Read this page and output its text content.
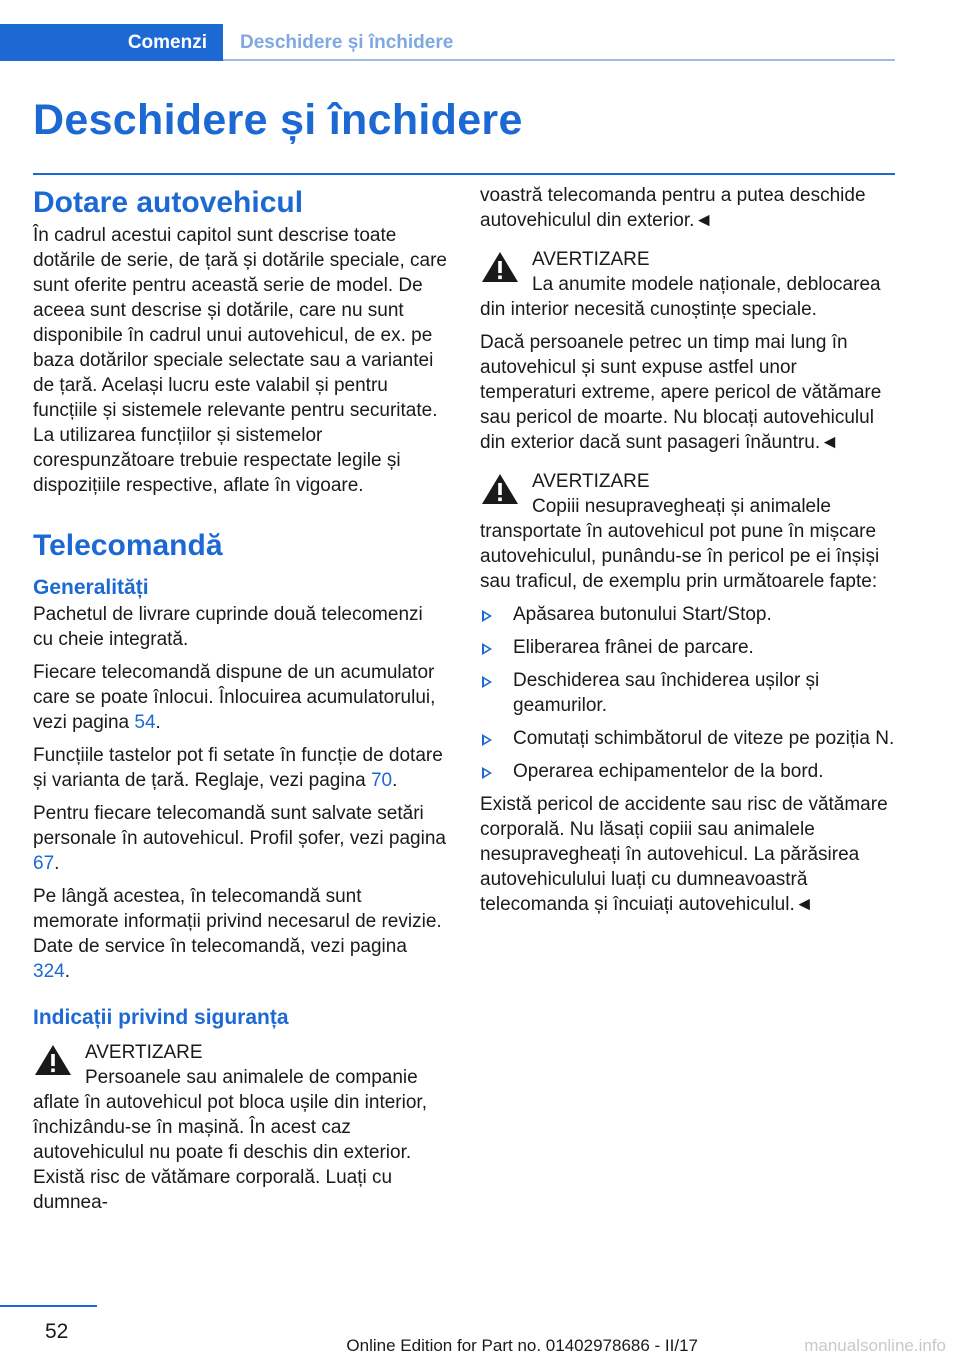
Comenzi Deschidere și închidere
Deschidere și închidere
Dotare autovehicul

În cadrul acestui capitol sunt descrise toate dotările de serie, de țară și dotările speciale, care sunt oferite pentru această serie de model. De aceea sunt descrise și dotările, care nu sunt disponibile în cadrul unui autovehicul, de ex. pe baza dotărilor speciale selectate sau a variantei de țară. Același lucru este valabil și pentru funcțiile și sistemele relevante pentru securitate. La utilizarea funcțiilor și sistemelor corespunzătoare trebuie respectate legile și dispozițiile respective, aflate în vigoare.

Telecomandă
Generalități

Pachetul de livrare cuprinde două telecomenzi cu cheie integrată.

Fiecare telecomandă dispune de un acumulator care se poate înlocui. Înlocuirea acumulatorului, vezi pagina 54.

Funcțiile tastelor pot fi setate în funcție de dotare și varianta de țară. Reglaje, vezi pagina 70.

Pentru fiecare telecomandă sunt salvate setări personale în autovehicul. Profil șofer, vezi pagina 67.

Pe lângă acestea, în telecomandă sunt memorate informații privind necesarul de revizie. Date de service în telecomandă, vezi pagina 324.

Indicații privind siguranța
AVERTIZARE

Persoanele sau animalele de companie aflate în autovehicul pot bloca ușile din interior, închizându-se în mașină. În acest caz autovehiculul nu poate fi deschis din exterior. Există risc de vătămare corporală. Luați cu dumnea-

voastră telecomanda pentru a putea deschide autovehiculul din exterior.◄

AVERTIZARE

La anumite modele naționale, deblocarea din interior necesită cunoștințe speciale.

Dacă persoanele petrec un timp mai lung în autovehicul și sunt expuse astfel unor temperaturi extreme, apere pericol de vătămare sau pericol de moarte. Nu blocați autovehiculul din exterior dacă sunt pasageri înăuntru.◄

AVERTIZARE

Copiii nesupravegheați și animalele transportate în autovehicul pot pune în mișcare autovehiculul, punându-se în pericol pe ei înșiși sau traficul, de exemplu prin următoarele fapte:

Apăsarea butonului Start/Stop.
Eliberarea frânei de parcare.
Deschiderea sau închiderea ușilor și geamurilor.
Comutați schimbătorul de viteze pe poziția N.
Operarea echipamentelor de la bord.

Există pericol de accidente sau risc de vătămare corporală. Nu lăsați copiii sau animalele nesupravegheați în autovehicul. La părăsirea autovehiculului luați cu dumneavoastră telecomanda și încuiați autovehiculul.◄

52
Online Edition for Part no. 01402978686 - II/17	manualsonline.info
